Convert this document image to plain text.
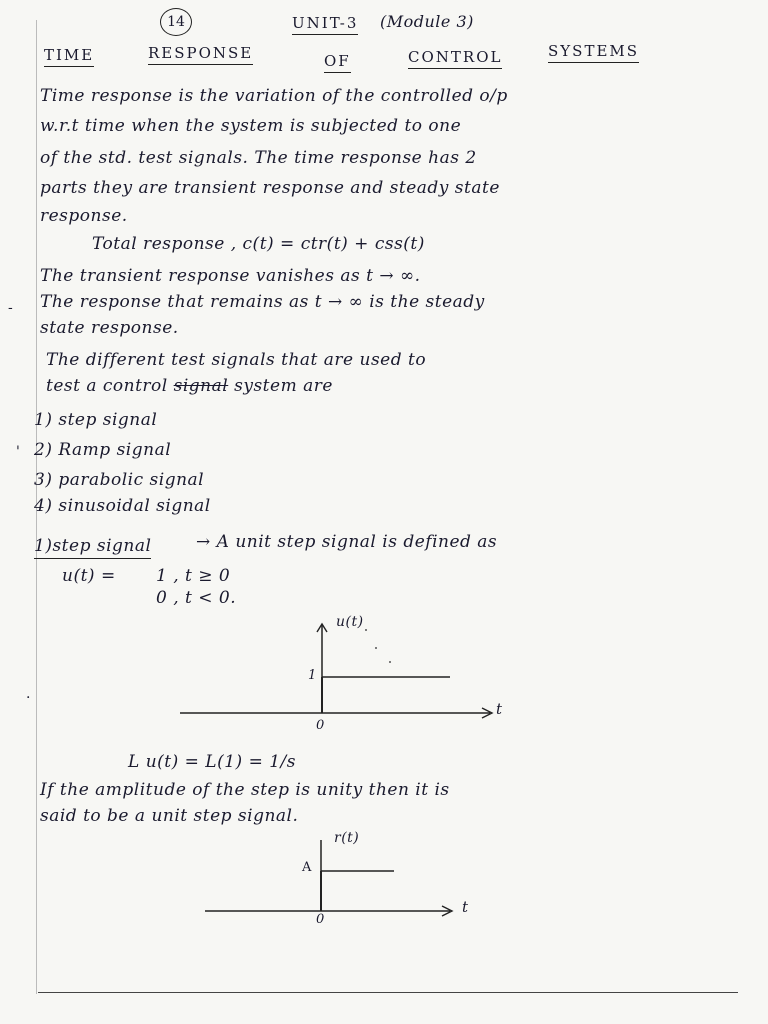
14	UNIT-3 (Module 3)
TIME	RESPONSE	OF	CONTROL	SYSTEMS
Time response is the variation of the controlled o/p
w.r.t time when the system is subjected to one
of the std. test signals. The time response has 2
parts they are transient response and steady state
response.
Total response , c(t) = ctr(t) + css(t)
The transient response vanishes as t → ∞.
- The response that remains as t → ∞ is the steady
state response.
The different test signals that are used to
test a control signal system are
1) step signal
' 2) Ramp signal
3) parabolic signal
4) sinusoidal signal
1)step signal	→ A unit step signal is defined as
u(t) = 1 , t ≥ 0
0 , t < 0.
u(t)
t
0
1
·
L u(t) = L(1) = 1/s
If the amplitude of the step is unity then it is
said to be a unit step signal.
r(t)
t
0
A
